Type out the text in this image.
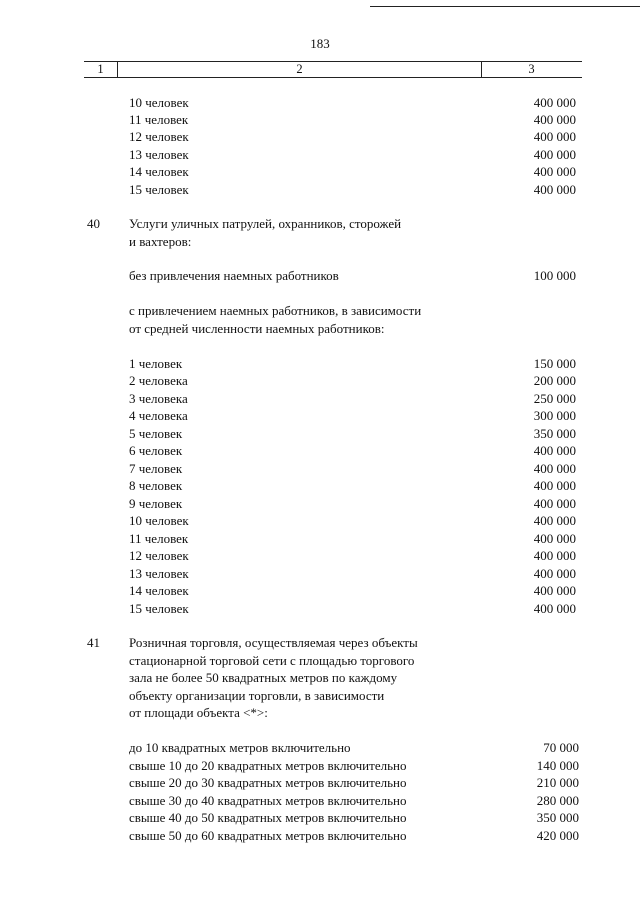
183
1	2	3
10 человек	400 000
11 человек	400 000
12 человек	400 000
13 человек	400 000
14 человек	400 000
15 человек	400 000
40 Услуги уличных патрулей, охранников, сторожей
и вахтеров:
без привлечения наемных работников	100 000
с привлечением наемных работников, в зависимости
от средней численности наемных работников:
1 человек	150 000
2 человека	200 000
3 человека	250 000
4 человека	300 000
5 человек	350 000
6 человек	400 000
7 человек	400 000
8 человек	400 000
9 человек	400 000
10 человек	400 000
11 человек	400 000
12 человек	400 000
13 человек	400 000
14 человек	400 000
15 человек	400 000
41 Розничная торговля, осуществляемая через объекты
стационарной торговой сети с площадью торгового
зала не более 50 квадратных метров по каждому
объекту организации торговли, в зависимости
от площади объекта <*>:
до 10 квадратных метров включительно	70 000
свыше 10 до 20 квадратных метров включительно	140 000
свыше 20 до 30 квадратных метров включительно	210 000
свыше 30 до 40 квадратных метров включительно	280 000
свыше 40 до 50 квадратных метров включительно	350 000
свыше 50 до 60 квадратных метров включительно	420 000
